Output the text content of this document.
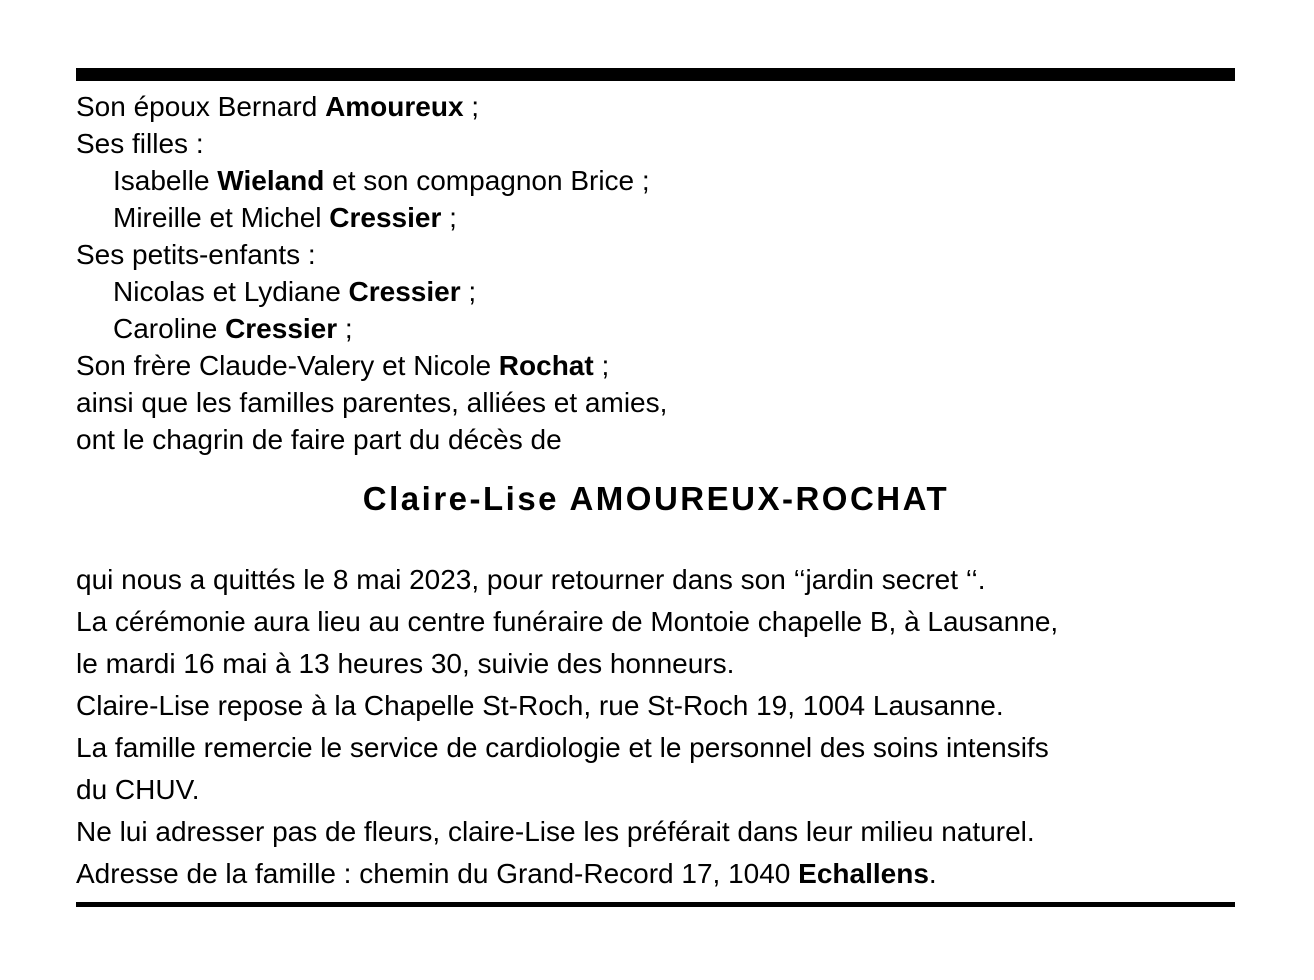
Son époux Bernard Amoureux ;
Ses filles :
Isabelle Wieland et son compagnon Brice ;
Mireille et Michel Cressier ;
Ses petits-enfants :
Nicolas et Lydiane Cressier ;
Caroline Cressier ;
Son frère Claude-Valery et Nicole Rochat ;
ainsi que les familles parentes, alliées et amies,
ont le chagrin de faire part du décès de
Claire-Lise AMOUREUX-ROCHAT
qui nous a quittés le 8 mai 2023, pour retourner dans son ‘‘jardin secret ‘‘.
La cérémonie aura lieu au centre funéraire de Montoie chapelle B, à Lausanne,
le mardi 16 mai à 13 heures 30, suivie des honneurs.
Claire-Lise repose à la Chapelle St-Roch, rue St-Roch 19, 1004 Lausanne.
La famille remercie le service de cardiologie et le personnel des soins intensifs
du CHUV.
Ne lui adresser pas de fleurs, claire-Lise les préférait dans leur milieu naturel.
Adresse de la famille : chemin du Grand-Record 17, 1040 Echallens.
